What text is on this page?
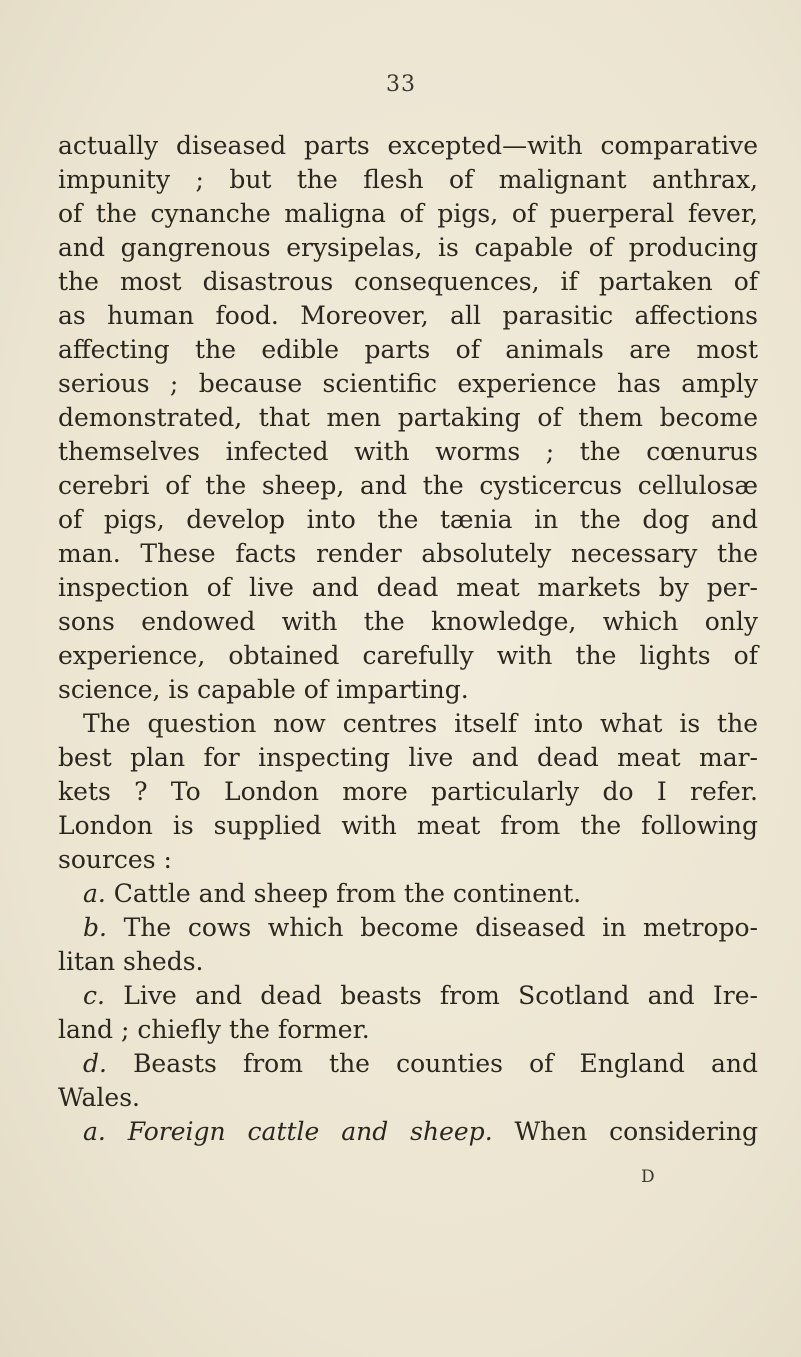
33
actually diseased parts excepted—with comparative
impunity ; but the flesh of malignant anthrax,
of the cynanche maligna of pigs, of puerperal fever,
and gangrenous erysipelas, is capable of producing
the most disastrous consequences, if partaken of
as human food. Moreover, all parasitic affections
affecting the edible parts of animals are most
serious ; because scientific experience has amply
demonstrated, that men partaking of them become
themselves infected with worms ; the cœnurus
cerebri of the sheep, and the cysticercus cellulosæ
of pigs, develop into the tænia in the dog and
man. These facts render absolutely necessary the
inspection of live and dead meat markets by per-
sons endowed with the knowledge, which only
experience, obtained carefully with the lights of
science, is capable of imparting.
The question now centres itself into what is the
best plan for inspecting live and dead meat mar-
kets ? To London more particularly do I refer.
London is supplied with meat from the following
sources :
a. Cattle and sheep from the continent.
b. The cows which become diseased in metropo-
litan sheds.
c. Live and dead beasts from Scotland and Ire-
land ; chiefly the former.
d. Beasts from the counties of England and
Wales.
a. Foreign cattle and sheep. When considering
D
